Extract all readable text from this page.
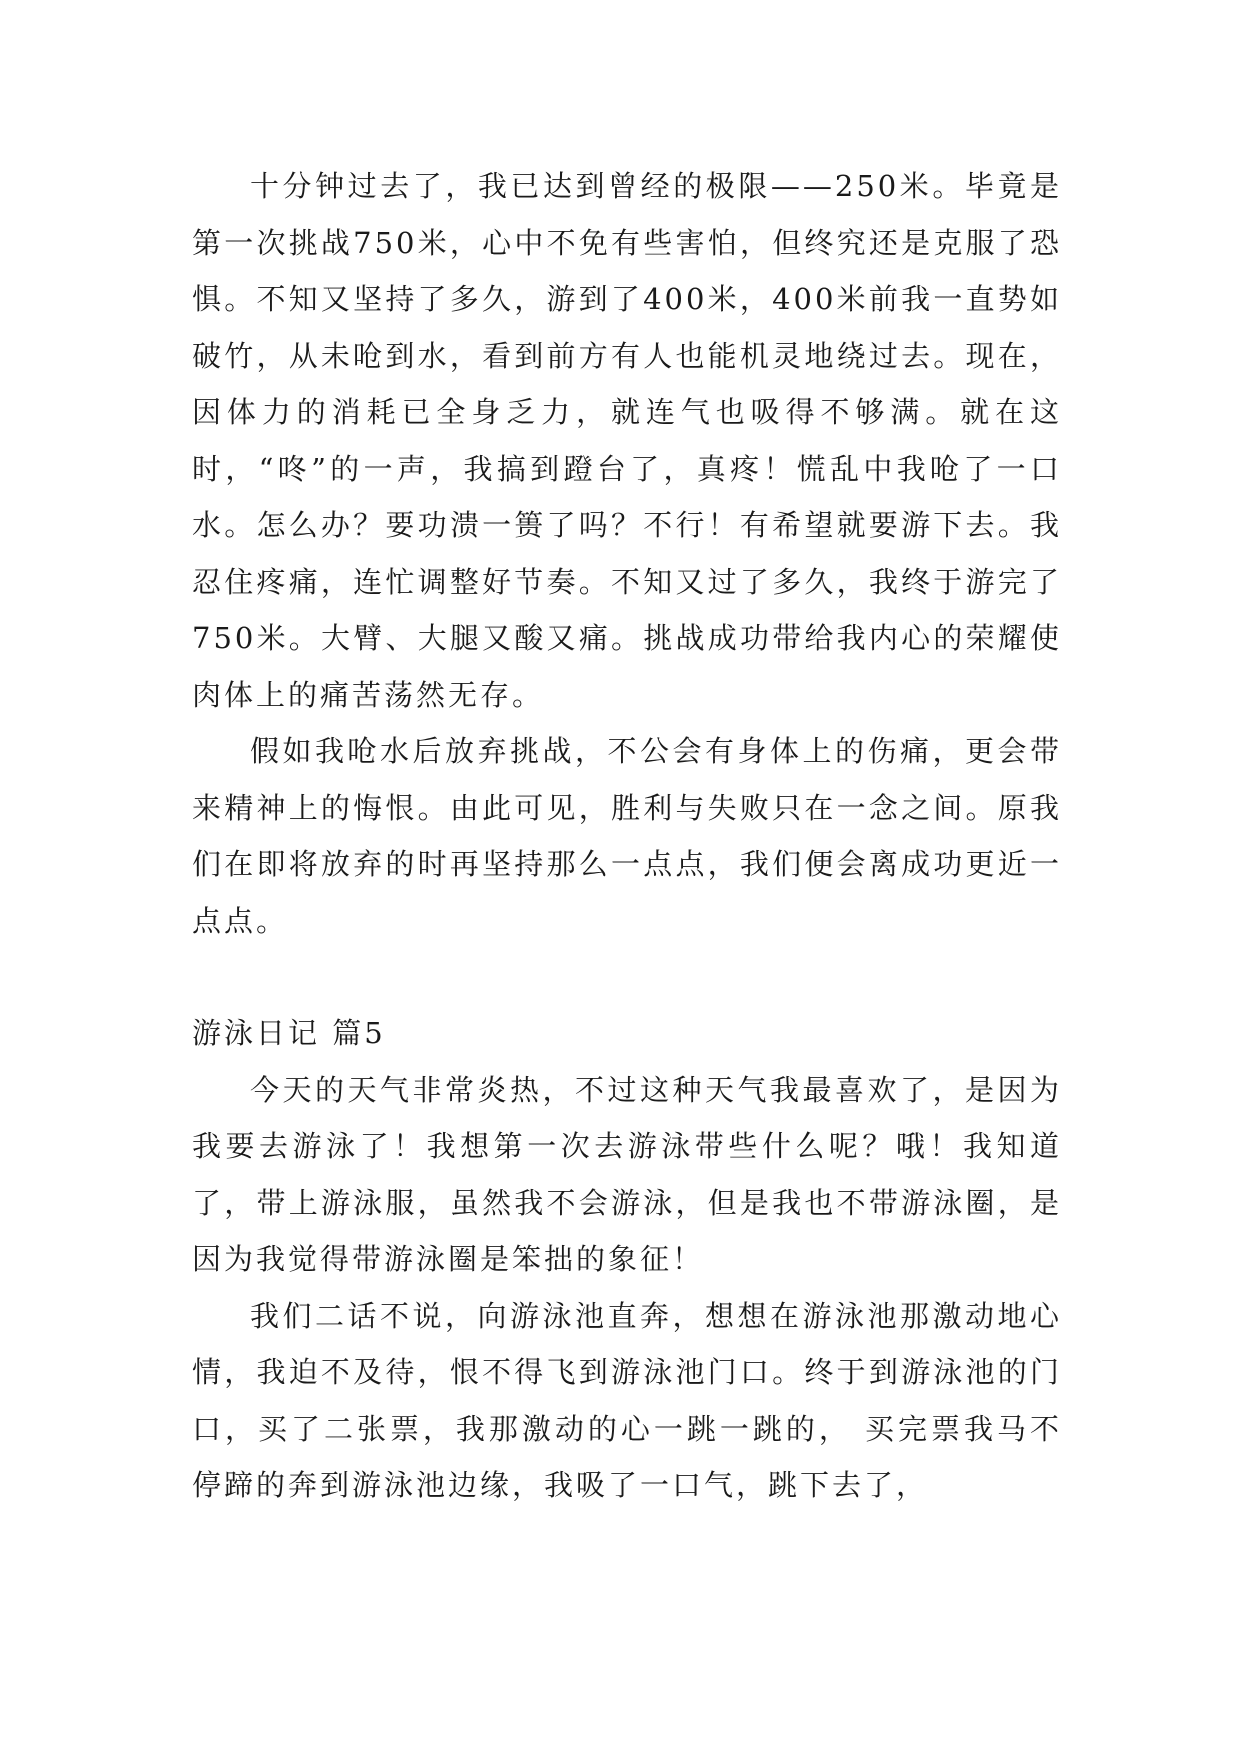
十分钟过去了，我已达到曾经的极限——250米。毕竟是第一次挑战750米，心中不免有些害怕，但终究还是克服了恐惧。不知又坚持了多久，游到了400米，400米前我一直势如破竹，从未呛到水，看到前方有人也能机灵地绕过去。现在，因体力的消耗已全身乏力，就连气也吸得不够满。就在这时，“咚”的一声，我搞到蹬台了，真疼！慌乱中我呛了一口水。怎么办？要功溃一篑了吗？不行！有希望就要游下去。我忍住疼痛，连忙调整好节奏。不知又过了多久，我终于游完了750米。大臂、大腿又酸又痛。挑战成功带给我内心的荣耀使肉体上的痛苦荡然无存。

假如我呛水后放弃挑战，不公会有身体上的伤痛，更会带来精神上的悔恨。由此可见，胜利与失败只在一念之间。原我们在即将放弃的时再坚持那么一点点，我们便会离成功更近一点点。

游泳日记 篇5

今天的天气非常炎热，不过这种天气我最喜欢了，是因为我要去游泳了！我想第一次去游泳带些什么呢？哦！我知道了，带上游泳服，虽然我不会游泳，但是我也不带游泳圈，是因为我觉得带游泳圈是笨拙的象征！

我们二话不说，向游泳池直奔，想想在游泳池那激动地心情，我迫不及待，恨不得飞到游泳池门口。终于到游泳池的门口，买了二张票，我那激动的心一跳一跳的， 买完票我马不停蹄的奔到游泳池边缘，我吸了一口气，跳下去了，
